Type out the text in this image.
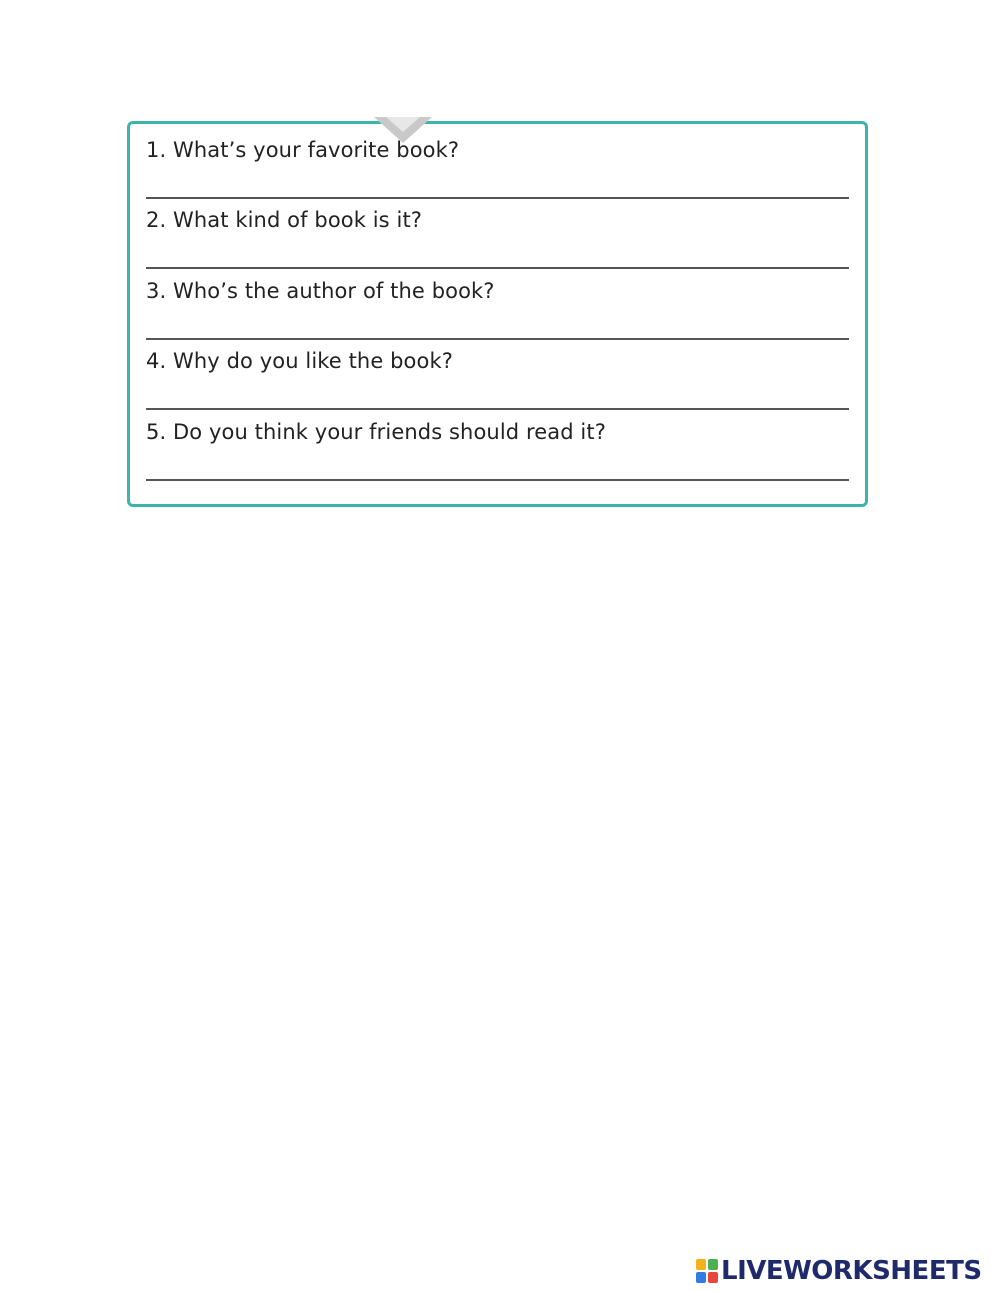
1. What’s your favorite book?
2. What kind of book is it?
3. Who’s the author of the book?
4. Why do you like the book?
5. Do you think your friends should read it?
LIVEWORKSHEETS
